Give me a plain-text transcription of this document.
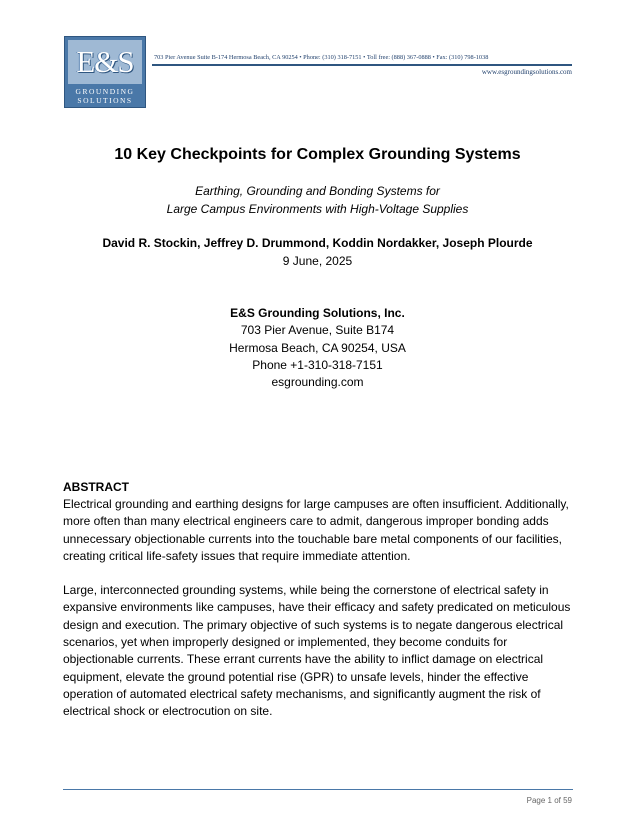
E&S
GROUNDING
SOLUTIONS
703 Pier Avenue Suite B-174 Hermosa Beach, CA 90254 • Phone: (310) 318-7151 • Toll free: (888) 367-0888 • Fax: (310) 798-1038
www.esgroundingsolutions.com
10 Key Checkpoints for Complex Grounding Systems
Earthing, Grounding and Bonding Systems for
Large Campus Environments with High-Voltage Supplies
David R. Stockin, Jeffrey D. Drummond, Koddin Nordakker, Joseph Plourde
9 June, 2025
E&S Grounding Solutions, Inc.
703 Pier Avenue, Suite B174
Hermosa Beach, CA 90254, USA
Phone +1-310-318-7151
esgrounding.com
ABSTRACT

Electrical grounding and earthing designs for large campuses are often insufficient. Additionally, more often than many electrical engineers care to admit, dangerous improper bonding adds unnecessary objectionable currents into the touchable bare metal components of our facilities, creating critical life-safety issues that require immediate attention.

Large, interconnected grounding systems, while being the cornerstone of electrical safety in expansive environments like campuses, have their efficacy and safety predicated on meticulous design and execution. The primary objective of such systems is to negate dangerous electrical scenarios, yet when improperly designed or implemented, they become conduits for objectionable currents. These errant currents have the ability to inflict damage on electrical equipment, elevate the ground potential rise (GPR) to unsafe levels, hinder the effective operation of automated electrical safety mechanisms, and significantly augment the risk of electrical shock or electrocution on site.

Page 1 of 59
